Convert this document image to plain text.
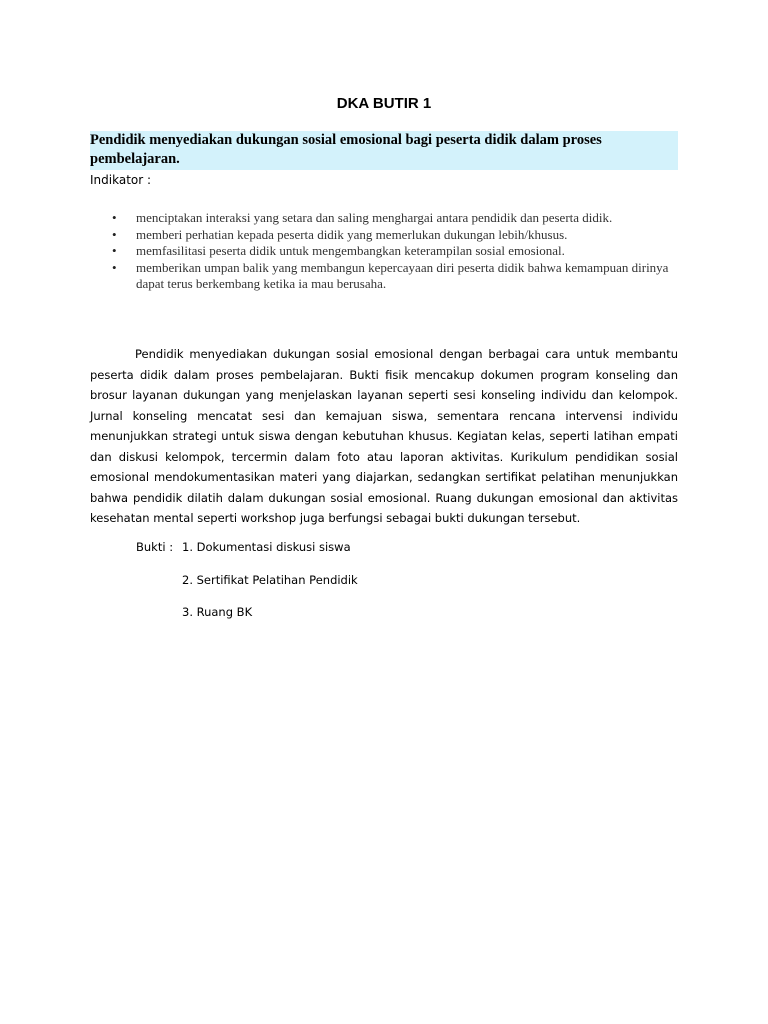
DKA BUTIR 1
Pendidik menyediakan dukungan sosial emosional bagi peserta didik dalam proses pembelajaran.
Indikator :
• menciptakan interaksi yang setara dan saling menghargai antara pendidik dan peserta didik.
• memberi perhatian kepada peserta didik yang memerlukan dukungan lebih/khusus.
• memfasilitasi peserta didik untuk mengembangkan keterampilan sosial emosional.
• memberikan umpan balik yang membangun kepercayaan diri peserta didik bahwa kemampuan dirinya dapat terus berkembang ketika ia mau berusaha.

Pendidik menyediakan dukungan sosial emosional dengan berbagai cara untuk membantu peserta didik dalam proses pembelajaran. Bukti fisik mencakup dokumen program konseling dan brosur layanan dukungan yang menjelaskan layanan seperti sesi konseling individu dan kelompok. Jurnal konseling mencatat sesi dan kemajuan siswa, sementara rencana intervensi individu menunjukkan strategi untuk siswa dengan kebutuhan khusus. Kegiatan kelas, seperti latihan empati dan diskusi kelompok, tercermin dalam foto atau laporan aktivitas. Kurikulum pendidikan sosial emosional mendokumentasikan materi yang diajarkan, sedangkan sertifikat pelatihan menunjukkan bahwa pendidik dilatih dalam dukungan sosial emosional. Ruang dukungan emosional dan aktivitas kesehatan mental seperti workshop juga berfungsi sebagai bukti dukungan tersebut.

Bukti : 1. Dokumentasi diskusi siswa
2. Sertifikat Pelatihan Pendidik
3. Ruang BK
